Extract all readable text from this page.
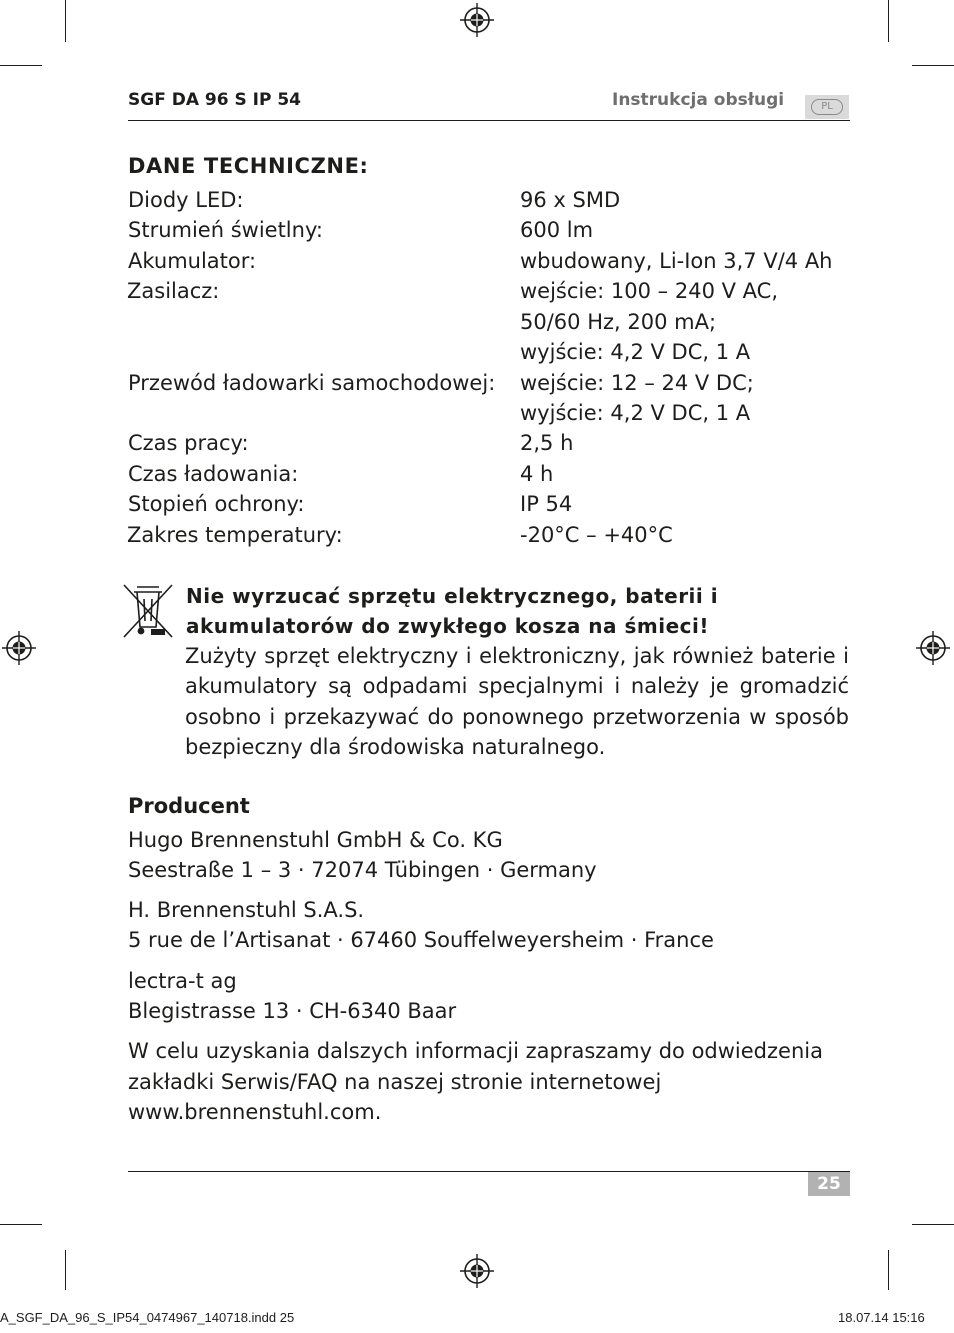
SGF DA 96 S IP 54	Instrukcja obsługi	PL
DANE TECHNICZNE:
Diody LED:	96 x SMD
Strumień świetlny:	600 lm
Akumulator:	wbudowany, Li-Ion 3,7 V/4 Ah
Zasilacz:	wejście: 100 – 240 V AC,
50/60 Hz, 200 mA;
wyjście: 4,2 V DC, 1 A
Przewód ładowarki samochodowej: wejście: 12 – 24 V DC;
wyjście: 4,2 V DC, 1 A
Czas pracy:	2,5 h
Czas ładowania:	4 h
Stopień ochrony:	IP 54
Zakres temperatury:	-20°C – +40°C
Nie wyrzucać sprzętu elektrycznego, baterii i akumulatorów do zwykłego kosza na śmieci!
Zużyty sprzęt elektryczny i elektroniczny, jak również baterie i akumulatory są odpadami specjalnymi i należy je gromadzić osobno i przekazywać do ponownego przetworzenia w sposób bezpieczny dla środowiska naturalnego.
Producent
Hugo Brennenstuhl GmbH & Co. KG
Seestraße 1 – 3 · 72074 Tübingen · Germany
H. Brennenstuhl S.A.S.
5 rue de l’Artisanat · 67460 Souffelweyersheim · France
lectra-t ag
Blegistrasse 13 · CH-6340 Baar
W celu uzyskania dalszych informacji zapraszamy do odwiedzenia
zakładki Serwis/FAQ na naszej stronie internetowej
www.brennenstuhl.com.
25
A_SGF_DA_96_S_IP54_0474967_140718.indd 25	18.07.14 15:16
